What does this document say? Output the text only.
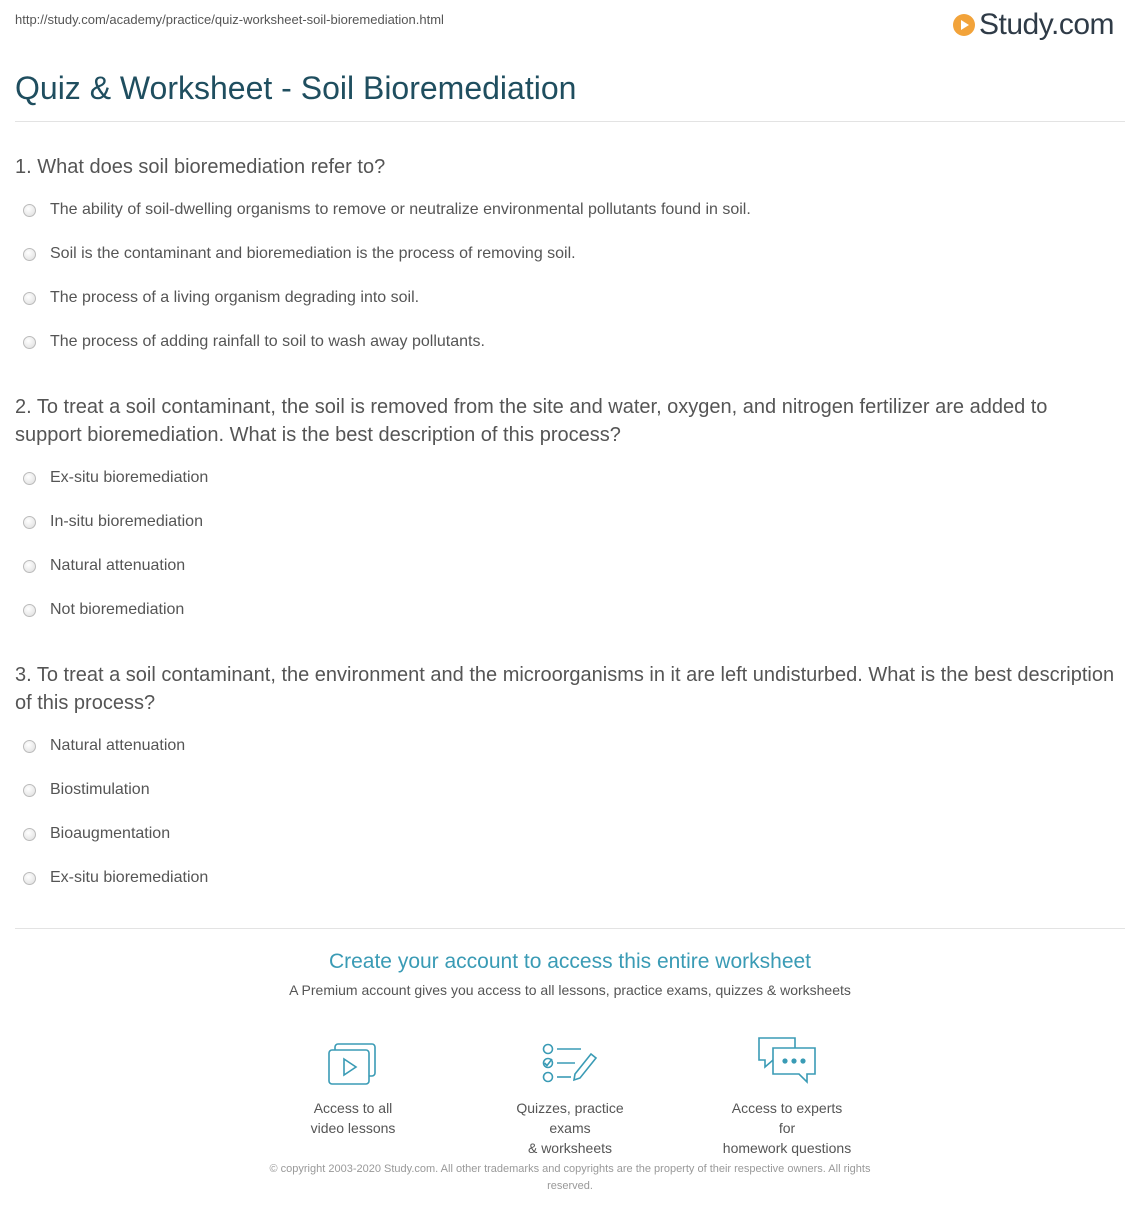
http://study.com/academy/practice/quiz-worksheet-soil-bioremediation.html	Study.com
Quiz & Worksheet - Soil Bioremediation
1. What does soil bioremediation refer to?
The ability of soil-dwelling organisms to remove or neutralize environmental pollutants found in soil.
Soil is the contaminant and bioremediation is the process of removing soil.
The process of a living organism degrading into soil.
The process of adding rainfall to soil to wash away pollutants.
2. To treat a soil contaminant, the soil is removed from the site and water, oxygen, and nitrogen fertilizer are added to support bioremediation. What is the best description of this process?
Ex-situ bioremediation
In-situ bioremediation
Natural attenuation
Not bioremediation
3. To treat a soil contaminant, the environment and the microorganisms in it are left undisturbed. What is the best description of this process?
Natural attenuation
Biostimulation
Bioaugmentation
Ex-situ bioremediation

Create your account to access this entire worksheet

A Premium account gives you access to all lessons, practice exams, quizzes & worksheets
Access to all
video lessons
Quizzes, practice exams
& worksheets
Access to experts for
homework questions
© copyright 2003-2020 Study.com. All other trademarks and copyrights are the property of their respective owners. All rights
reserved.
